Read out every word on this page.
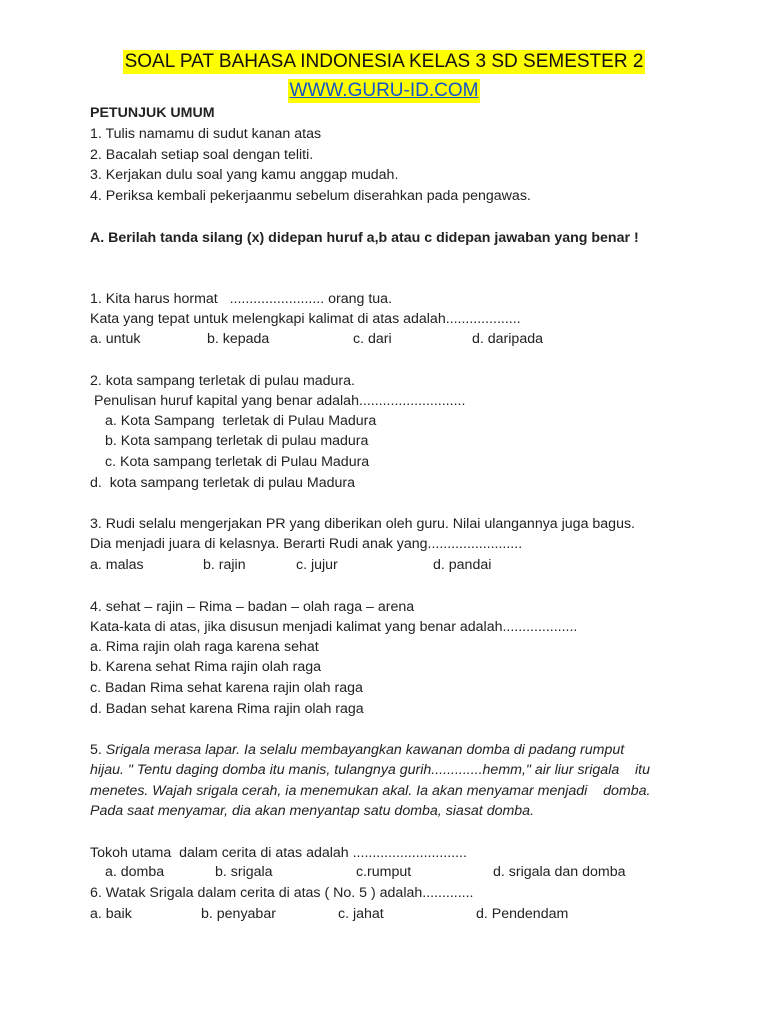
SOAL PAT BAHASA INDONESIA KELAS 3 SD SEMESTER 2
WWW.GURU-ID.COM
PETUNJUK UMUM
1. Tulis namamu di sudut kanan atas
2. Bacalah setiap soal dengan teliti.
3. Kerjakan dulu soal yang kamu anggap mudah.
4. Periksa kembali pekerjaanmu sebelum diserahkan pada pengawas.
A. Berilah tanda silang (x) didepan huruf a,b atau c didepan jawaban yang benar !
1. Kita harus hormat   ........................ orang tua.
Kata yang tepat untuk melengkapi kalimat di atas adalah...................
a. untuk	b. kepada	c. dari	d. daripada
2. kota sampang terletak di pulau madura.
Penulisan huruf kapital yang benar adalah...........................
a. Kota Sampang  terletak di Pulau Madura
b. Kota sampang terletak di pulau madura
c. Kota sampang terletak di Pulau Madura
d.  kota sampang terletak di pulau Madura
3. Rudi selalu mengerjakan PR yang diberikan oleh guru. Nilai ulangannya juga bagus.
Dia menjadi juara di kelasnya. Berarti Rudi anak yang........................
a. malas	b. rajin	c. jujur	d. pandai
4. sehat – rajin – Rima – badan – olah raga – arena
Kata-kata di atas, jika disusun menjadi kalimat yang benar adalah...................
a. Rima rajin olah raga karena sehat
b. Karena sehat Rima rajin olah raga
c. Badan Rima sehat karena rajin olah raga
d. Badan sehat karena Rima rajin olah raga
5. Srigala merasa lapar. Ia selalu membayangkan kawanan domba di padang rumput
hijau. " Tentu daging domba itu manis, tulangnya gurih.............hemm," air liur srigala    itu
menetes. Wajah srigala cerah, ia menemukan akal. Ia akan menyamar menjadi    domba.
Pada saat menyamar, dia akan menyantap satu domba, siasat domba.
Tokoh utama  dalam cerita di atas adalah .............................
a. domba	b. srigala	c.rumput	d. srigala dan domba
6. Watak Srigala dalam cerita di atas ( No. 5 ) adalah.............
a. baik	b. penyabar	c. jahat	d. Pendendam
